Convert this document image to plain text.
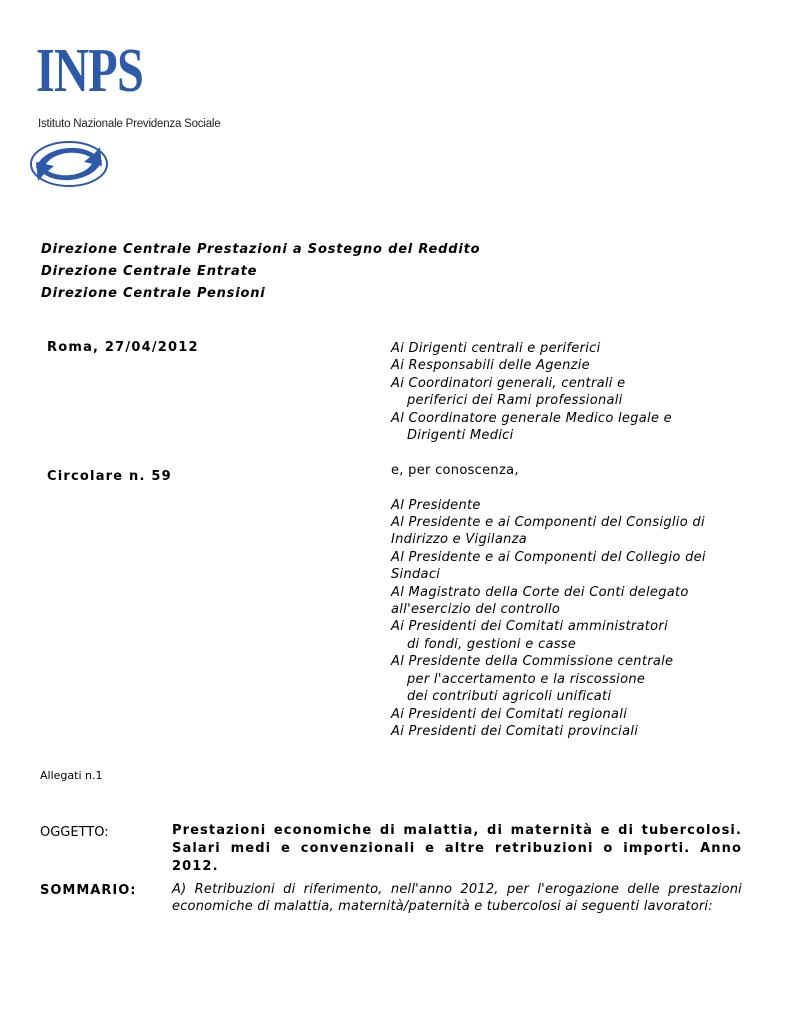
INPS
Istituto Nazionale Previdenza Sociale
Direzione Centrale Prestazioni a Sostegno del Reddito
Direzione Centrale Entrate
Direzione Centrale Pensioni
Roma, 27/04/2012
Circolare n. 59
Ai Dirigenti centrali e periferici
Ai Responsabili delle Agenzie
Ai Coordinatori generali, centrali e
periferici dei Rami professionali
Al Coordinatore generale Medico legale e
Dirigenti Medici
e, per conoscenza,
Al Presidente
Al Presidente e ai Componenti del Consiglio di
Indirizzo e Vigilanza
Al Presidente e ai Componenti del Collegio dei
Sindaci
Al Magistrato della Corte dei Conti delegato
all'esercizio del controllo
Ai Presidenti dei Comitati amministratori
di fondi, gestioni e casse
Al Presidente della Commissione centrale
per l'accertamento e la riscossione
dei contributi agricoli unificati
Ai Presidenti dei Comitati regionali
Ai Presidenti dei Comitati provinciali
Allegati n.1
OGGETTO:	Prestazioni economiche di malattia, di maternità e di tubercolosi. Salari medi e convenzionali e altre retribuzioni o importi. Anno 2012.
SOMMARIO:	A) Retribuzioni di riferimento, nell'anno 2012, per l'erogazione delle prestazioni economiche di malattia, maternità/paternità e tubercolosi ai seguenti lavoratori:
